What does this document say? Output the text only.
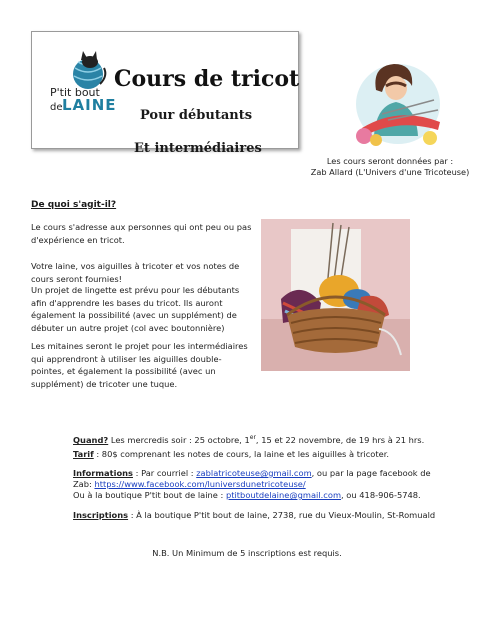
P'tit bout
de LAINE
Cours de tricot
Pour débutants
Et intermédiaires
Les cours seront données par :
Zab Allard (L'Univers d'une Tricoteuse)
De quoi s'agit-il?
Le cours s'adresse aux personnes qui ont peu ou pas d'expérience en tricot.
Votre laine, vos aiguilles à tricoter et vos notes de cours seront fournies!
Un projet de lingette est prévu pour les débutants afin d'apprendre les bases du tricot. Ils auront également la possibilité (avec un supplément) de débuter un autre projet (col avec boutonnière)
Les mitaines seront le projet pour les intermédiaires qui apprendront à utiliser les aiguilles double-pointes, et également la possibilité (avec un supplément) de tricoter une tuque.
Quand? Les mercredis soir : 25 octobre, 1er, 15 et 22 novembre, de 19 hrs à 21 hrs.
Tarif : 80$ comprenant les notes de cours, la laine et les aiguilles à tricoter.
Informations : Par courriel : zablatricoteuse@gmail.com, ou par la page facebook de Zab: https://www.facebook.com/luniversdunetricoteuse/
Ou à la boutique P'tit bout de laine : ptitboutdelaine@gmail.com, ou 418-906-5748.
Inscriptions : À la boutique P'tit bout de laine, 2738, rue du Vieux-Moulin, St-Romuald
N.B. Un Minimum de 5 inscriptions est requis.
